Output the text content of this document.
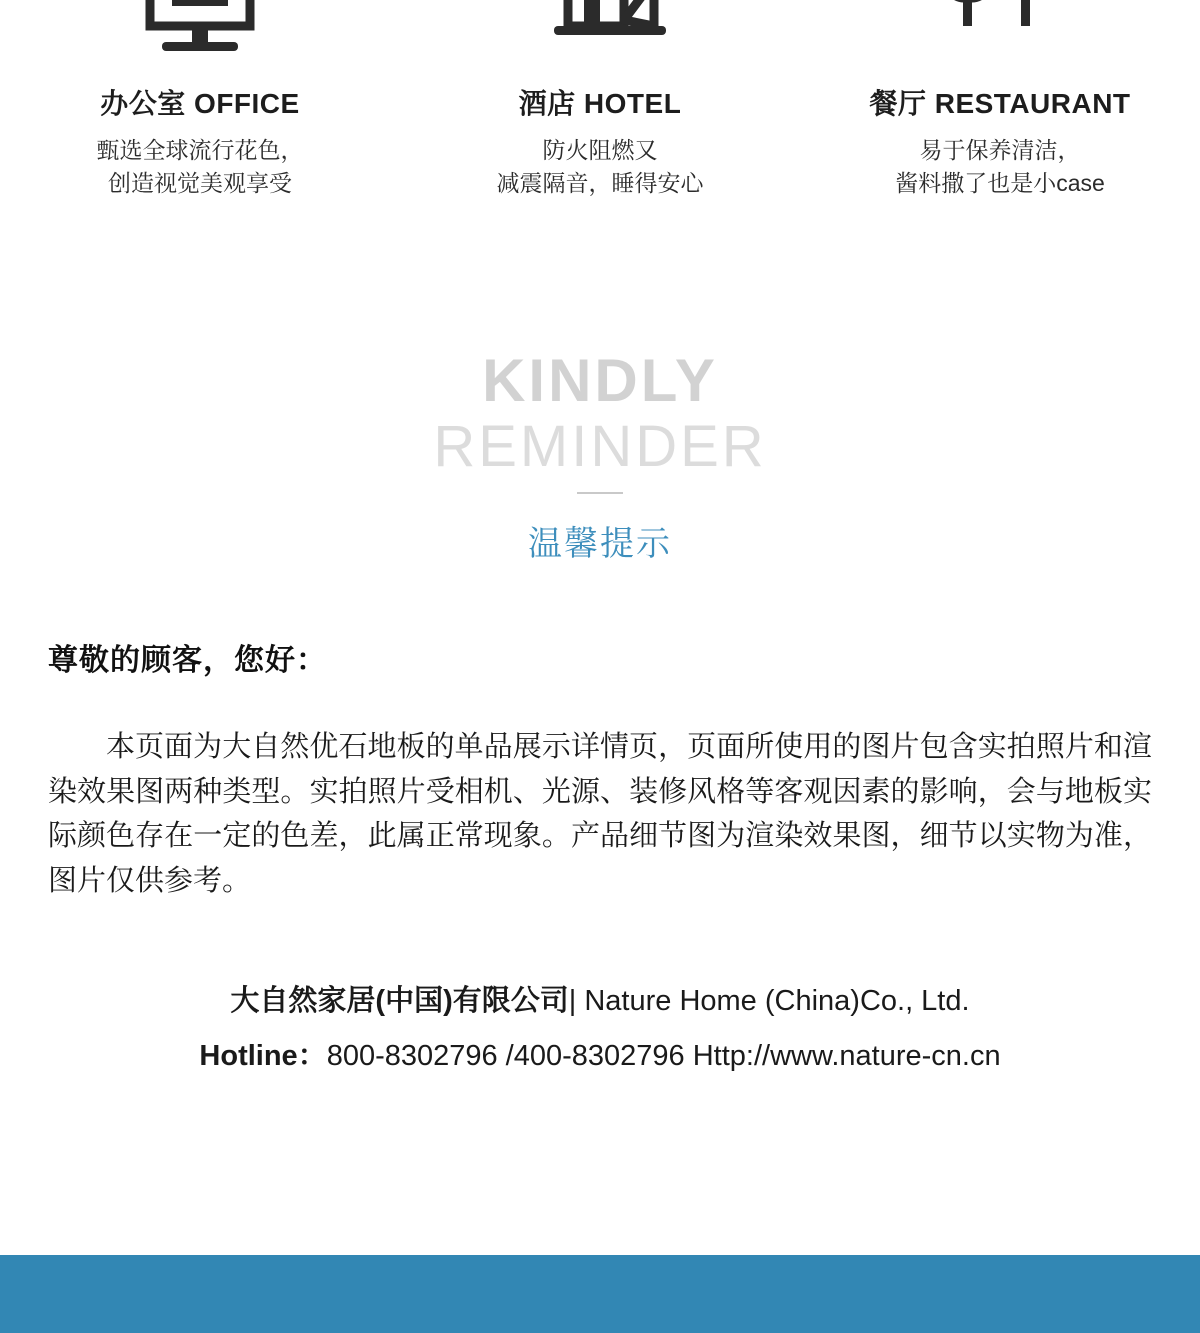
办公室 OFFICE
甄选全球流行花色，
创造视觉美观享受
酒店 HOTEL
防火阻燃又
减震隔音，睡得安心
餐厅 RESTAURANT
易于保养清洁，
酱料撒了也是小case
KINDLY
REMINDER
温馨提示
尊敬的顾客，您好：
本页面为大自然优石地板的单品展示详情页，页面所使用的图片包含实拍照片和渲染效果图两种类型。实拍照片受相机、光源、装修风格等客观因素的影响，会与地板实际颜色存在一定的色差，此属正常现象。产品细节图为渲染效果图，细节以实物为准，图片仅供参考。
大自然家居(中国)有限公司| Nature Home (China)Co., Ltd.
Hotline：800-8302796 /400-8302796 Http://www.nature-cn.cn
